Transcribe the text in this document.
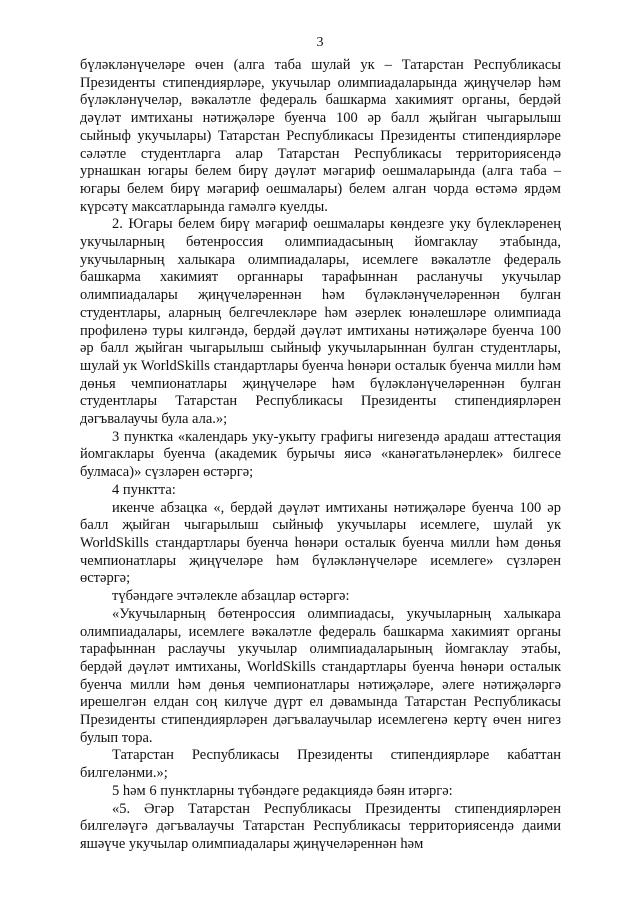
3

бүләкләнүчеләре өчен (алга таба шулай ук – Татарстан Республикасы Президенты стипендиярләре, укучылар олимпиадаларында җиңүчеләр һәм бүләкләнүчеләр, вәкаләтле федераль башкарма хакимият органы, бердәй дәүләт имтиханы нәтиҗәләре буенча 100 әр балл җыйган чыгарылыш сыйныф укучылары) Татарстан Республикасы Президенты стипендиярләре сәләтле студентларга алар Татарстан Республикасы территориясендә урнашкан югары белем бирү дәүләт мәгариф оешмаларында (алга таба – югары белем бирү мәгариф оешмалары) белем алган чорда өстәмә ярдәм күрсәтү максатларында гамәлгә куелды.

2. Югары белем бирү мәгариф оешмалары көндезге уку бүлекләренең укучыларның бөтенроссия олимпиадасының йомгаклау этабында, укучыларның халыкара олимпиадалары, исемлеге вәкаләтле федераль башкарма хакимият органнары тарафыннан расланучы укучылар олимпиадалары җиңүчеләреннән һәм бүләкләнүчеләреннән булган студентлары, аларның белгечлекләре һәм әзерлек юнәлешләре олимпиада профиленә туры килгәндә, бердәй дәүләт имтиханы нәтиҗәләре буенча 100 әр балл җыйган чыгарылыш сыйныф укучыларыннан булган студентлары, шулай ук WorldSkills стандартлары буенча һөнәри осталык буенча милли һәм дөнья чемпионатлары җиңүчеләре һәм бүләкләнүчеләреннән булган студентлары Татарстан Республикасы Президенты стипендиярләрен дәгъвалаучы була ала.»;

3 пунктка «календарь уку-укыту графигы нигезендә арадаш аттестация йомгаклары буенча (академик бурычы яисә «канәгатьләнерлек» билгесе булмаса)» сүзләрен өстәргә;

4 пунктта:

икенче абзацка «, бердәй дәүләт имтиханы нәтиҗәләре буенча 100 әр балл җыйган чыгарылыш сыйныф укучылары исемлеге, шулай ук WorldSkills стандартлары буенча һөнәри осталык буенча милли һәм дөнья чемпионатлары җиңүчеләре һәм бүләкләнүчеләре исемлеге» сүзләрен өстәргә;

түбәндәге эчтәлекле абзацлар өстәргә:

«Укучыларның бөтенроссия олимпиадасы, укучыларның халыкара олимпиадалары, исемлеге вәкаләтле федераль башкарма хакимият органы тарафыннан раслаучы укучылар олимпиадаларының йомгаклау этабы, бердәй дәүләт имтиханы, WorldSkills стандартлары буенча һөнәри осталык буенча милли һәм дөнья чемпионатлары нәтиҗәләре, әлеге нәтиҗәләргә ирешелгән елдан соң килүче дүрт ел дәвамында Татарстан Республикасы Президенты стипендиярләрен дәгъвалаучылар исемлегенә кертү өчен нигез булып тора.

Татарстан Республикасы Президенты стипендиярләре кабаттан билгеләнми.»;

5 һәм 6 пунктларны түбәндәге редакциядә бәян итәргә:

«5. Әгәр Татарстан Республикасы Президенты стипендиярләрен билгеләүгә дәгъвалаучы Татарстан Республикасы территориясендә даими яшәүче укучылар олимпиадалары җиңүчеләреннән һәм
